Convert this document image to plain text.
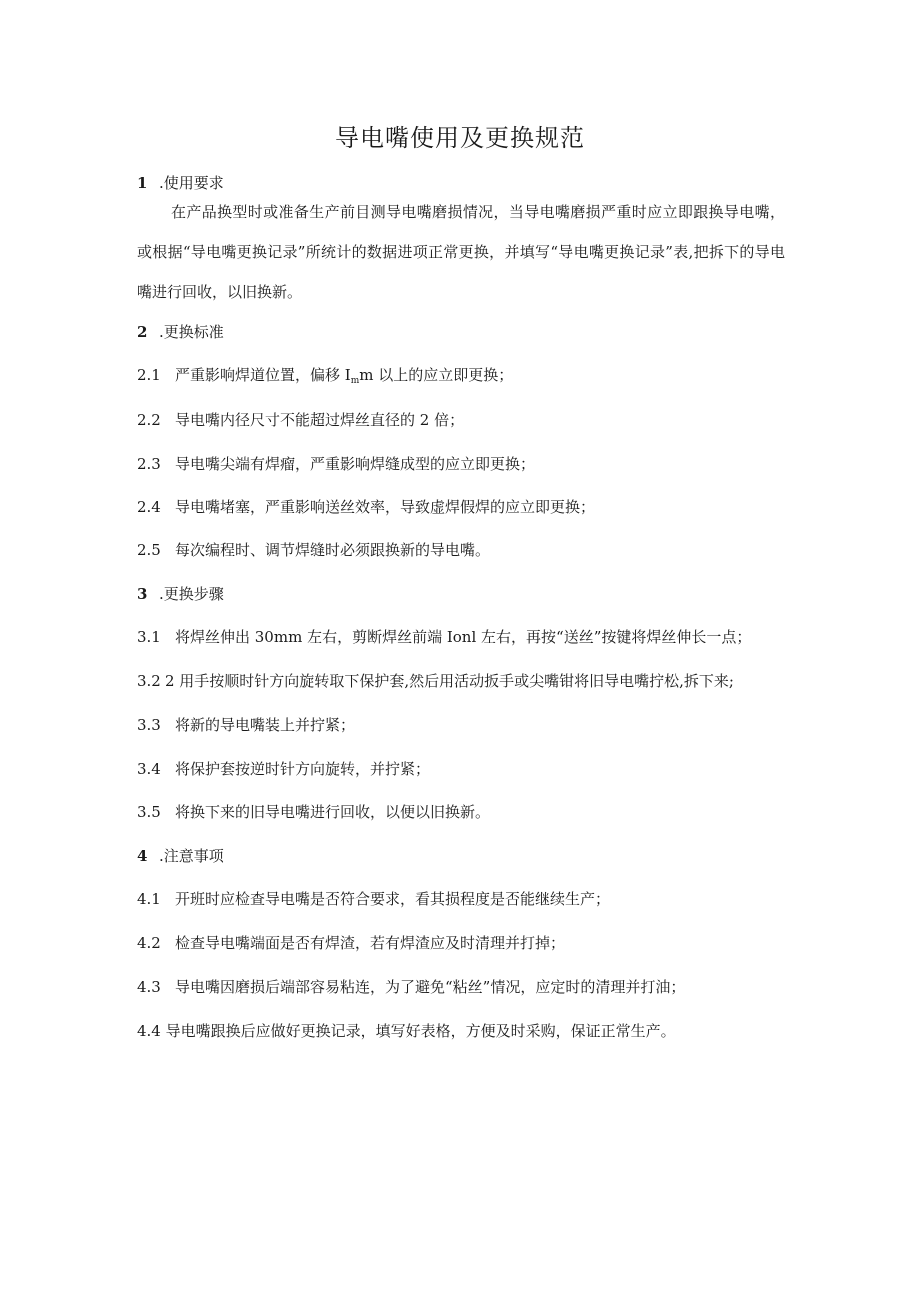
导电嘴使用及更换规范
1 .使用要求
在产品换型时或准备生产前目测导电嘴磨损情况，当导电嘴磨损严重时应立即跟换导电嘴，或根据“导电嘴更换记录”所统计的数据进项正常更换，并填写“导电嘴更换记录”表,把拆下的导电嘴进行回收，以旧换新。
2 .更换标准
2.1 严重影响焊道位置，偏移 $I_mm$ 以上的应立即更换；
2.2 导电嘴内径尺寸不能超过焊丝直径的 2 倍；
2.3 导电嘴尖端有焊瘤，严重影响焊缝成型的应立即更换；
2.4 导电嘴堵塞，严重影响送丝效率，导致虚焊假焊的应立即更换；
2.5 每次编程时、调节焊缝时必须跟换新的导电嘴。
3 .更换步骤
3.1 将焊丝伸出 30mm 左右，剪断焊丝前端 Ionl 左右，再按“送丝”按键将焊丝伸长一点；
3.2 2 用手按顺时针方向旋转取下保护套,然后用活动扳手或尖嘴钳将旧导电嘴拧松,拆下来;
3.3 将新的导电嘴装上并拧紧；
3.4 将保护套按逆时针方向旋转，并拧紧；
3.5 将换下来的旧导电嘴进行回收，以便以旧换新。
4 .注意事项
4.1 开班时应检查导电嘴是否符合要求，看其损程度是否能继续生产；
4.2 检查导电嘴端面是否有焊渣，若有焊渣应及时清理并打掉；
4.3 导电嘴因磨损后端部容易粘连，为了避免“粘丝”情况，应定时的清理并打油；
4.4 导电嘴跟换后应做好更换记录，填写好表格，方便及时采购，保证正常生产。
